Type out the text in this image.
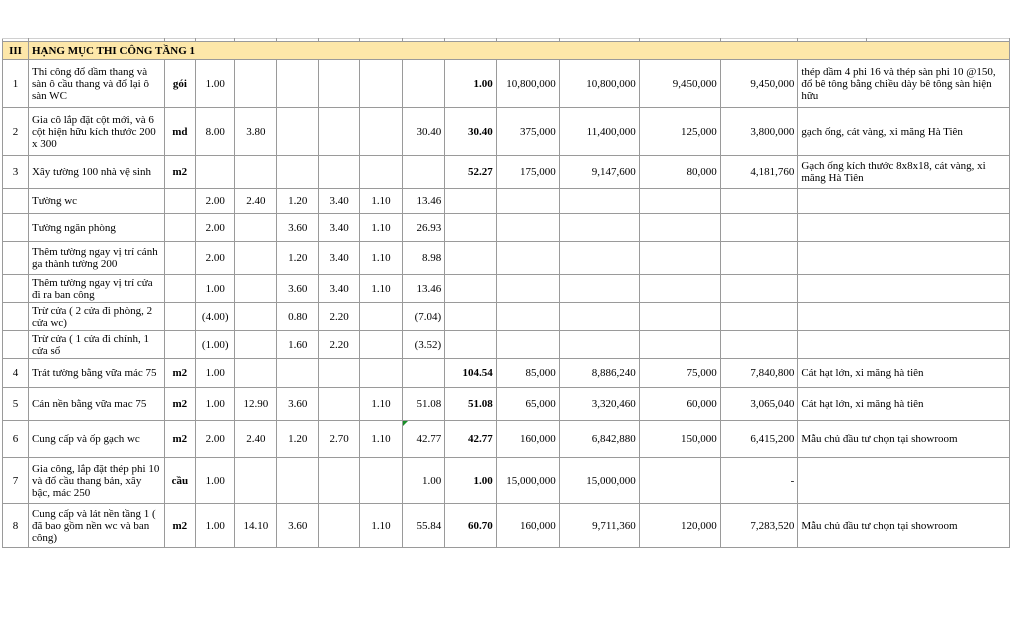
III	HẠNG MỤC THI CÔNG TẦNG 1														
1	Thi công đổ dầm thang và sàn ô cầu thang và đổ lại ô sàn WC	gói	1.00						1.00	10,800,000	10,800,000	9,450,000	9,450,000	thép dầm 4 phi 16 và thép sàn phi 10 @150, đổ bê tông bằng chiều dày bê tông sàn hiện hữu	

2	Gia cô lắp đặt cột mới, và 6 cột hiện hữu kích thước 200 x 300	md	8.00	3.80				30.40	30.40	375,000	11,400,000	125,000	3,800,000	gạch ống, cát vàng, xi măng Hà Tiên	

3	Xây tường 100 nhà vệ sinh	m2							52.27	175,000	9,147,600	80,000	4,181,760	Gạch ống kích thước 8x8x18, cát vàng, xi măng Hà Tiên	

	Tường wc		2.00	2.40	1.20	3.40	1.10	13.46							

	Tường ngăn phòng		2.00		3.60	3.40	1.10	26.93							

	Thêm tường ngay vị trí cánh ga thành tường 200		2.00		1.20	3.40	1.10	8.98							

	Thêm tường ngay vị trí cửa đi ra ban công		1.00		3.60	3.40	1.10	13.46							

	Trừ cửa ( 2 cửa đi phòng, 2 cửa wc)		(4.00)		0.80	2.20		(7.04)							

	Trừ cửa ( 1 cửa đi chính, 1 cửa sổ		(1.00)		1.60	2.20		(3.52)							

4	Trát tường bằng vữa mác 75	m2	1.00						104.54	85,000	8,886,240	75,000	7,840,800	Cát hạt lớn, xi măng hà tiên	

5	Cán nền bằng vữa mac 75	m2	1.00	12.90	3.60		1.10	51.08	51.08	65,000	3,320,460	60,000	3,065,040	Cát hạt lớn, xi măng hà tiên	

6	Cung cấp và ốp gạch wc	m2	2.00	2.40	1.20	2.70	1.10	42.77	42.77	160,000	6,842,880	150,000	6,415,200	Mẫu chủ đầu tư chọn tại showroom	

7	Gia công, lắp đặt thép phi 10 và đổ cầu thang bản, xây bậc, mác 250	cầu	1.00					1.00	1.00	15,000,000	15,000,000		-		

8	Cung cấp và lát nền tầng 1 ( đã bao gồm nền wc và ban công)	m2	1.00	14.10	3.60		1.10	55.84	60.70	160,000	9,711,360	120,000	7,283,520	Mẫu chủ đầu tư chọn tại showroom	
